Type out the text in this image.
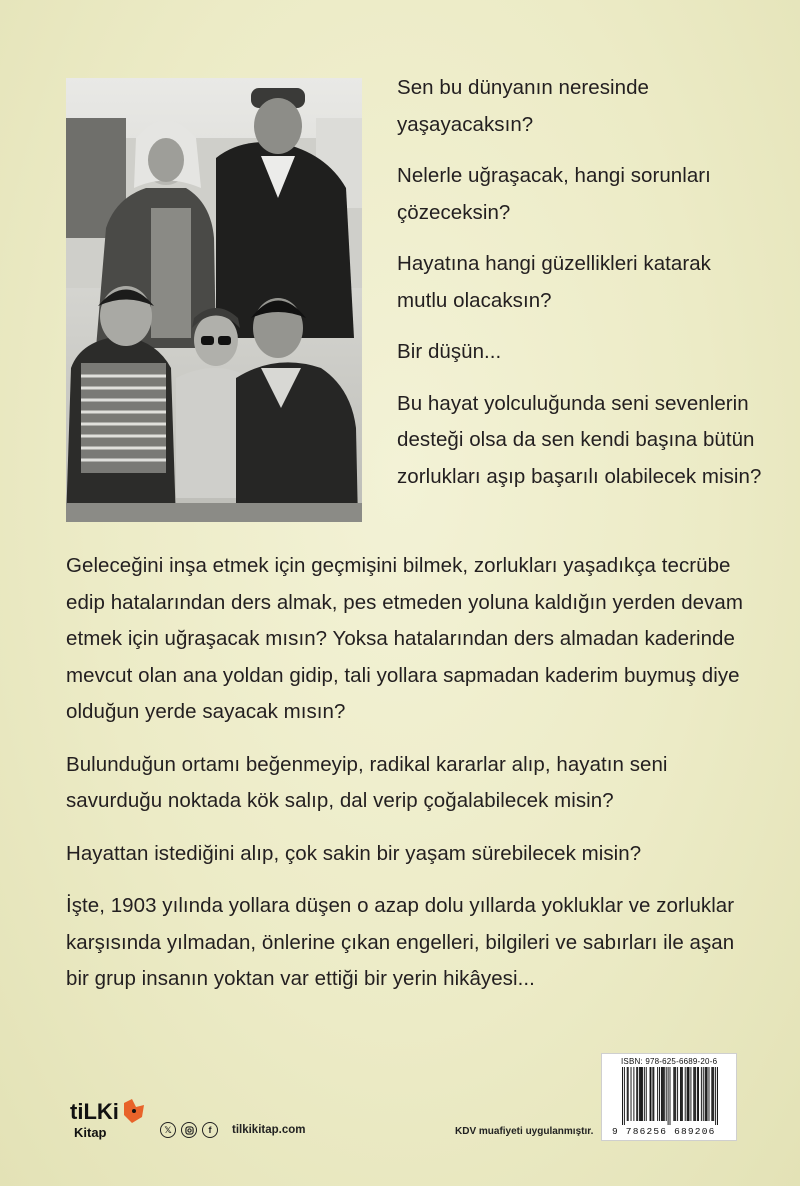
Sen bu dünyanın neresinde yaşayacaksın?

Nelerle uğraşacak, hangi sorunları çözeceksin?

Hayatına hangi güzellikleri katarak mutlu olacaksın?

Bir düşün...

Bu hayat yolculuğunda seni sevenlerin desteği olsa da sen kendi başına bütün zorlukları aşıp başarılı olabilecek misin?

Geleceğini inşa etmek için geçmişini bilmek, zorlukları yaşadıkça tecrübe edip hatalarından ders almak, pes etmeden yoluna kaldığın yerden devam etmek için uğraşacak mısın? Yoksa hatalarından ders almadan kaderinde mevcut olan ana yoldan gidip, tali yollara sapmadan kaderim buymuş diye olduğun yerde sayacak mısın?

Bulunduğun ortamı beğenmeyip, radikal kararlar alıp, hayatın seni savurduğu noktada kök salıp, dal verip çoğalabilecek misin?

Hayattan istediğini alıp, çok sakin bir yaşam sürebilecek misin?

İşte, 1903 yılında yollara düşen o azap dolu yıllarda yokluklar ve zorluklar karşısında yılmadan, önlerine çıkan engelleri, bilgileri ve sabırları ile aşan bir grup insanın yoktan var ettiği bir yerin hikâyesi...

tiLKi
Kitap	𝕏	f	tilkikitap.com	KDV muafiyeti uygulanmıştır.
ISBN: 978-625-6689-20-6
9 786256 689206
